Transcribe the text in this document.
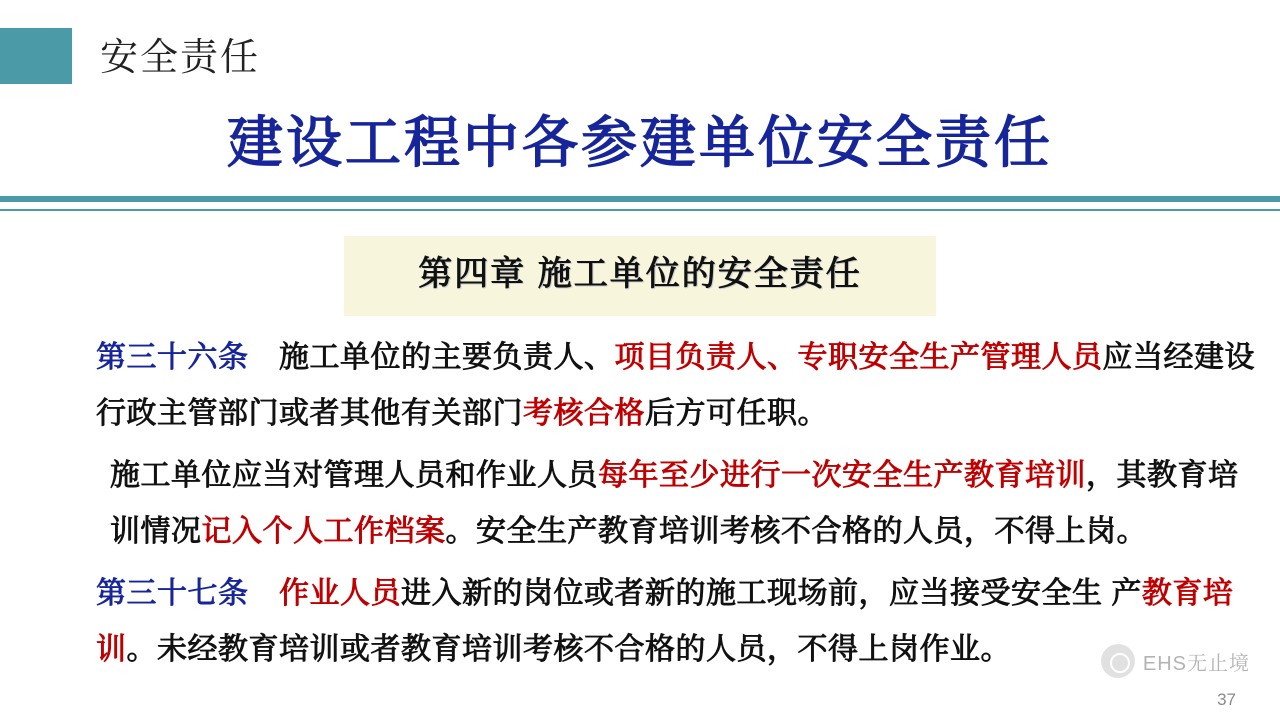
安全责任
建设工程中各参建单位安全责任
第四章 施工单位的安全责任

第三十六条　施工单位的主要负责人、项目负责人、专职安全生产管理人员应当经建设行政主管部门或者其他有关部门考核合格后方可任职。

施工单位应当对管理人员和作业人员每年至少进行一次安全生产教育培训，其教育培训情况记入个人工作档案。安全生产教育培训考核不合格的人员，不得上岗。

第三十七条　 作业人员进入新的岗位或者新的施工现场前，应当接受安全生 产教育培训。未经教育培训或者教育培训考核不合格的人员，不得上岗作业。	EHS无止境
37
